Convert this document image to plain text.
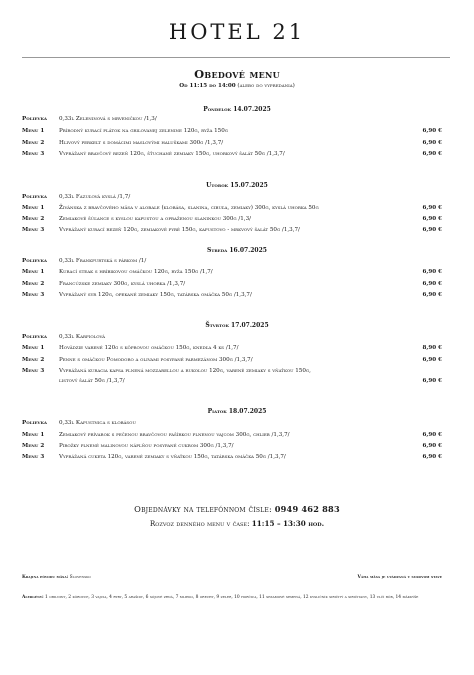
HOTEL 21
Obedové menu
Od 11:15 do 14:00 (alebo do vypredania)
Pondelok 14.07.2025
Polievka 0,33l Zeleninová s mrveničkou /1,3/
Menu 1	Prírodný kurací plátok na grilovanej zelenine 120g, ryža 150g	6,90 €
Menu 2	Hlivový perkelt s domácimi maslovými haluškami 300g /1,3,7/	6,90 €
Menu 3	Vyprážaný bravčový rezeň 120g, šťuchané zemiaky 150g, uhorkový šalát 50g /1,3,7/	6,90 €
Utorok 15.07.2025
Polievka 0,33l Fazuľová kyslá /1,7/
Menu 1	Živánska z bravčového mäsa v alobale (klobása, slanina, cibuľa, zemiaky) 300g, kyslá uhorka 50g	6,90 €
Menu 2	Zemiakové šúľance s kyslou kapustou a opraženou slaninkou 300g /1,3/	6,90 €
Menu 3	Vyprážaný kurací rezeň 120g, zemiakové pyré 150g, kapustovo - mrkvový šalát 50g /1,3,7/	6,90 €
Streda 16.07.2025
Polievka 0,33l Frankfurtská s párkom /1/
Menu 1	Kurací steak s hríbikovou omáčkou 120g, ryža 150g /1,7/	6,90 €
Menu 2	Francúzske zemiaky 300g, kyslá uhorka /1,3,7/	6,90 €
Menu 3	Vyprážaný syr 120g, opekané zemiaky 150g, tatárska omáčka 50g /1,3,7/	6,90 €
Štvrtok 17.07.2025
Polievka 0,33l Karfiolová
Menu 1	Hovädzie varené 120g s kôprovou omáčkou 150g, knedľa 4 ks /1,7/	8,90 €
Menu 2	Penne s omáčkou Pomodoro a olivami posypané parmezánom 300g /1,3,7/	6,90 €
Menu 3	Vyprážaná kuracia kapsa plnená mozzarellou a rukolou 120g, varené zemiaky s vňaťkou 150g,
listový šalát 50g /1,3,7/	6,90 €
Piatok 18.07.2025
Polievka 0,33l Kapustnica s klobásou
Menu 1	Zemiakový prívarok s pečenou bravčovou fašírkou plnenou vajcom 300g, chlieb /1,3,7/	6,90 €
Menu 2	Pirožky plnené malinovou náplňou posypané cukrom 300g /1,3,7/	6,90 €
Menu 3	Vyprážaná cuketa 120g, varené zemiaky s vňaťkou 150g, tatárska omáčka 50g /1,3,7/	6,90 €
Objednávky na telefónnom čísle: 0949 462 883
Rozvoz denného menu v čase: 11:15 – 13:30 hod.
Krajina pôvodu mäsa: Slovensko	Váha mäsa je uvádzaná v surovom stave
Alergény: 1 obilniny, 2 kôrovce, 3 vajcia, 4 ryby, 5 arašidy, 6 sójové zrná, 7 mlieko, 8 orechy, 9 zeler, 10 horčica, 11 sezamové semená, 12 kysličník siričitý a siričitany, 13 vlčí bôb, 14 mäkkýše
